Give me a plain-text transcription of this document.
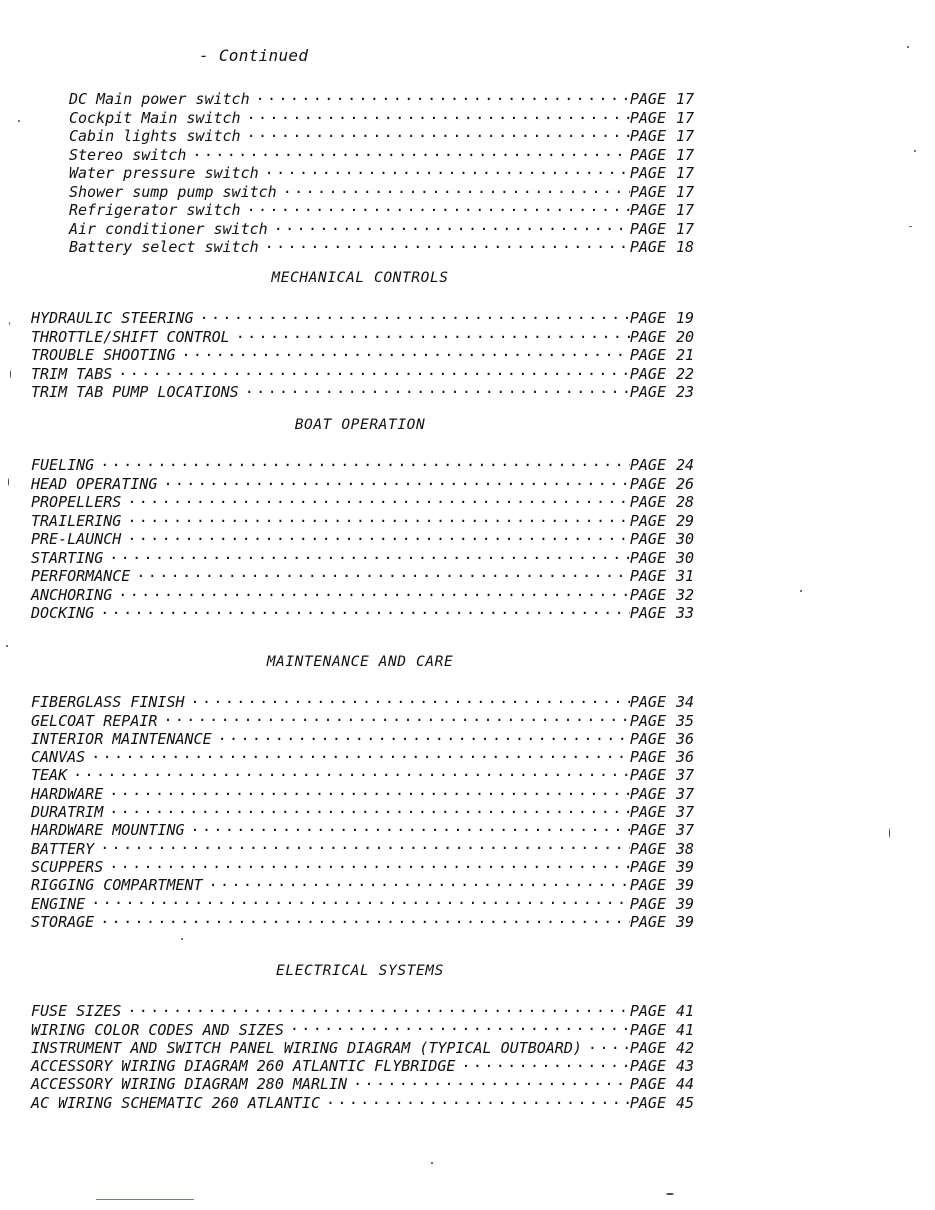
- Continued
DC Main power switch .....	PAGE 17
Cockpit Main switch .....	PAGE 17
Cabin lights switch .....	PAGE 17
Stereo switch .....	PAGE 17
Water pressure switch .....	PAGE 17
Shower sump pump switch .....	PAGE 17
Refrigerator switch .....	PAGE 17
Air conditioner switch .....	PAGE 17
Battery select switch .....	PAGE 18
MECHANICAL CONTROLS
HYDRAULIC STEERING .....	PAGE 19
THROTTLE/SHIFT CONTROL .....	PAGE 20
TROUBLE SHOOTING .....	PAGE 21
TRIM TABS .....	PAGE 22
TRIM TAB PUMP LOCATIONS .....	PAGE 23
BOAT OPERATION
FUELING .....	PAGE 24
HEAD OPERATING .....	PAGE 26
PROPELLERS .....	PAGE 28
TRAILERING .....	PAGE 29
PRE-LAUNCH .....	PAGE 30
STARTING .....	PAGE 30
PERFORMANCE .....	PAGE 31
ANCHORING .....	PAGE 32
DOCKING .....	PAGE 33
MAINTENANCE AND CARE
FIBERGLASS FINISH .....	PAGE 34
GELCOAT REPAIR .....	PAGE 35
INTERIOR MAINTENANCE .....	PAGE 36
CANVAS .....	PAGE 36
TEAK .....	PAGE 37
HARDWARE .....	PAGE 37
DURATRIM .....	PAGE 37
HARDWARE MOUNTING .....	PAGE 37
BATTERY .....	PAGE 38
SCUPPERS .....	PAGE 39
RIGGING COMPARTMENT .....	PAGE 39
ENGINE .....	PAGE 39
STORAGE .....	PAGE 39
ELECTRICAL SYSTEMS
FUSE SIZES .....	PAGE 41
WIRING COLOR CODES AND SIZES .....	PAGE 41
INSTRUMENT AND SWITCH PANEL WIRING DIAGRAM (TYPICAL OUTBOARD) .....	PAGE 42
ACCESSORY WIRING DIAGRAM 260 ATLANTIC FLYBRIDGE .....	PAGE 43
ACCESSORY WIRING DIAGRAM 280 MARLIN .....	PAGE 44
AC WIRING SCHEMATIC 260 ATLANTIC .....	PAGE 45
